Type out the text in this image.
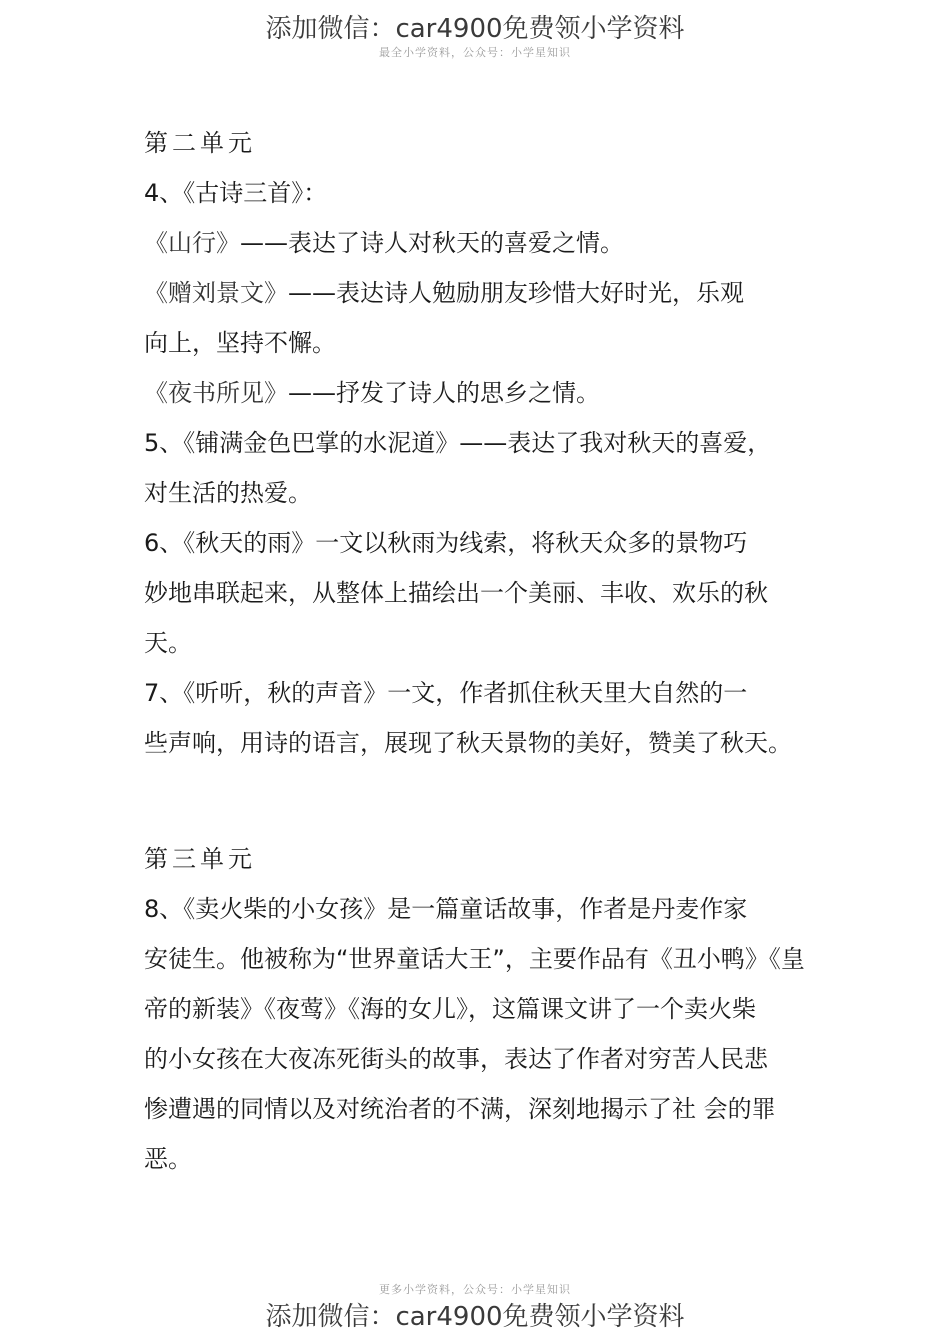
添加微信：car4900免费领小学资料
最全小学资料，公众号：小学星知识

第二单元

4、《古诗三首》：

《山行》——表达了诗人对秋天的喜爱之情。

《赠刘景文》——表达诗人勉励朋友珍惜大好时光，乐观

向上，坚持不懈。

《夜书所见》——抒发了诗人的思乡之情。

5、《铺满金色巴掌的水泥道》——表达了我对秋天的喜爱，

对生活的热爱。

6、《秋天的雨》一文以秋雨为线索，将秋天众多的景物巧

妙地串联起来，从整体上描绘出一个美丽、丰收、欢乐的秋

天。

7、《听听，秋的声音》一文，作者抓住秋天里大自然的一

些声响，用诗的语言，展现了秋天景物的美好，赞美了秋天。

第三单元

8、《卖火柴的小女孩》是一篇童话故事，作者是丹麦作家

安徒生。他被称为“世界童话大王”，主要作品有《丑小鸭》《皇

帝的新装》《夜莺》《海的女儿》，这篇课文讲了一个卖火柴

的小女孩在大夜冻死街头的故事，表达了作者对穷苦人民悲

惨遭遇的同情以及对统治者的不满，深刻地揭示了社 会的罪

恶。

更多小学资料，公众号：小学星知识
添加微信：car4900免费领小学资料
